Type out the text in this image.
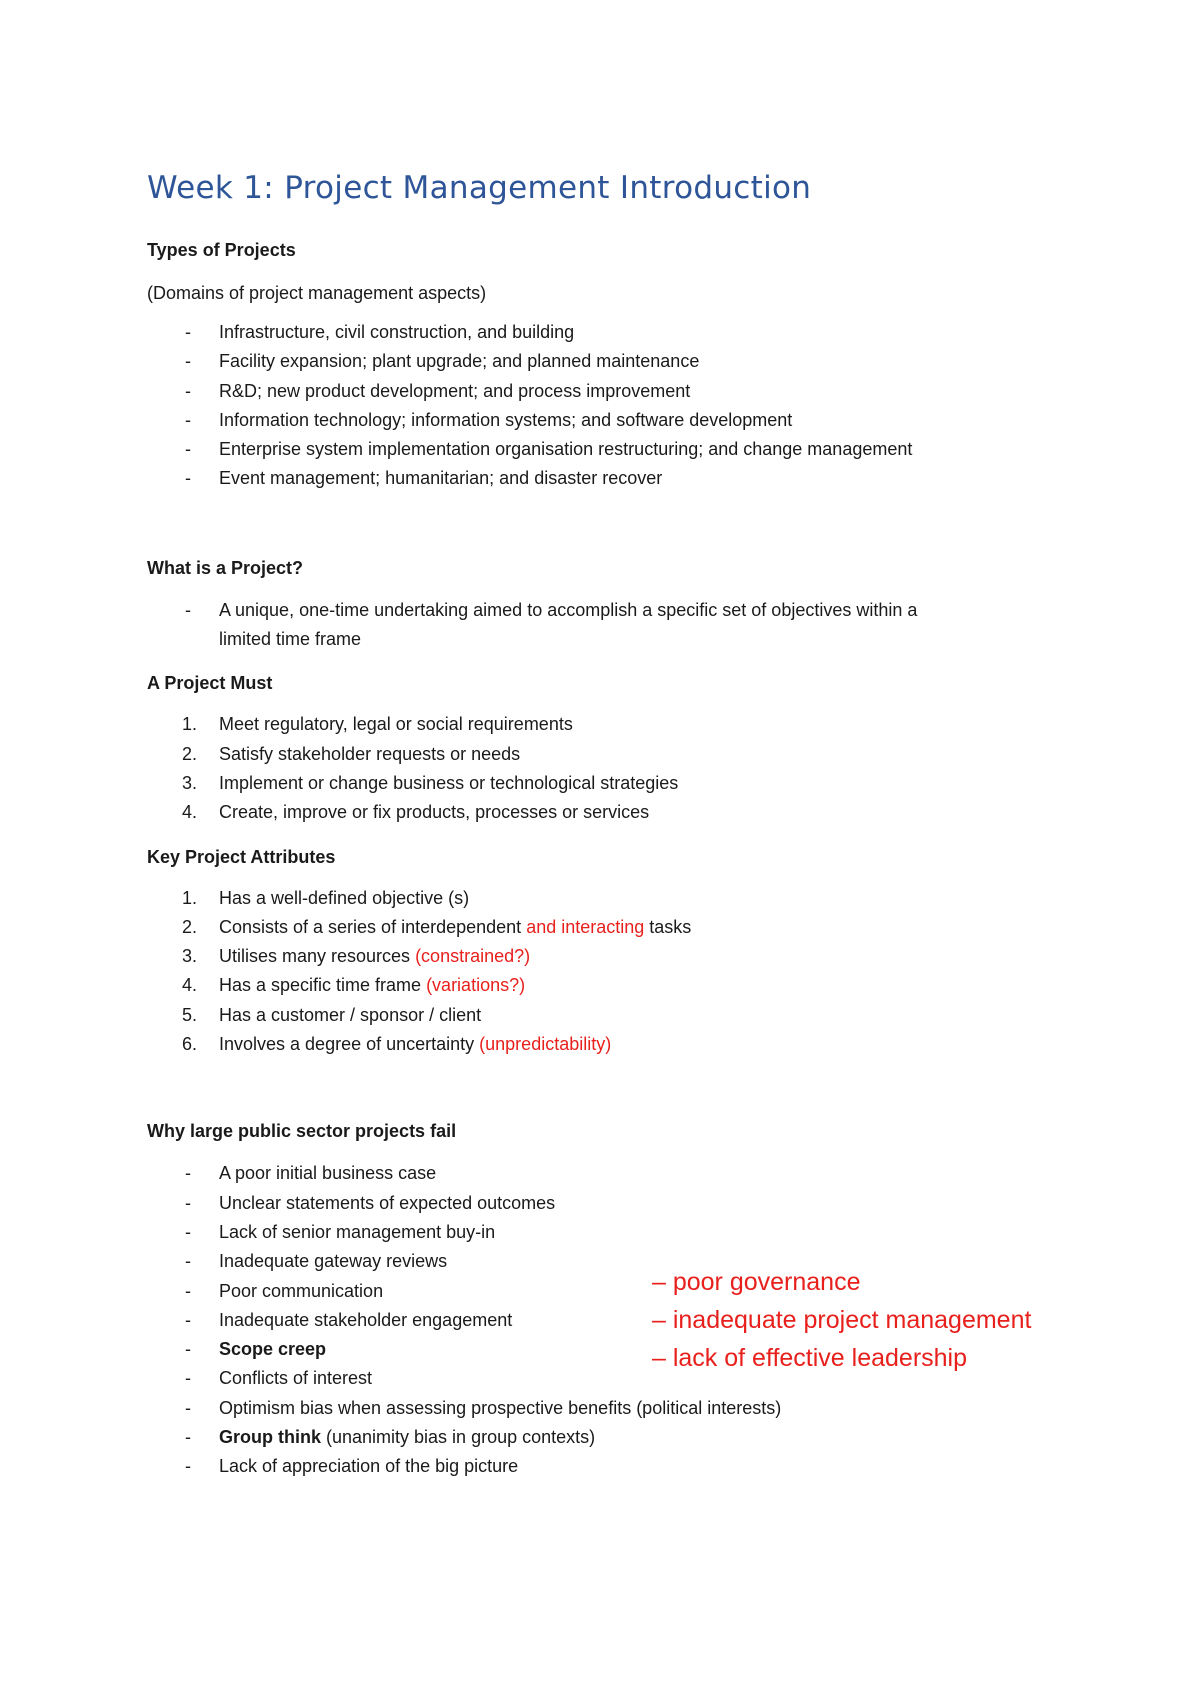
Week 1: Project Management Introduction
Types of Projects

(Domains of project management aspects)

- Infrastructure, civil construction, and building
- Facility expansion; plant upgrade; and planned maintenance
- R&D; new product development; and process improvement
- Information technology; information systems; and software development
- Enterprise system implementation organisation restructuring; and change management
- Event management; humanitarian; and disaster recover
What is a Project?
- A unique, one-time undertaking aimed to accomplish a specific set of objectives within a limited time frame
A Project Must
1. Meet regulatory, legal or social requirements
2. Satisfy stakeholder requests or needs
3. Implement or change business or technological strategies
4. Create, improve or fix products, processes or services
Key Project Attributes
1. Has a well-defined objective (s)
2. Consists of a series of interdependent and interacting tasks
3. Utilises many resources (constrained?)
4. Has a specific time frame (variations?)
5. Has a customer / sponsor / client
6. Involves a degree of uncertainty (unpredictability)
Why large public sector projects fail
- A poor initial business case
- Unclear statements of expected outcomes
- Lack of senior management buy-in
- Inadequate gateway reviews
- Poor communication
- Inadequate stakeholder engagement
- Scope creep
- Conflicts of interest
- Optimism bias when assessing prospective benefits (political interests)
- Group think (unanimity bias in group contexts)
- Lack of appreciation of the big picture
– poor governance
– inadequate project management
– lack of effective leadership
